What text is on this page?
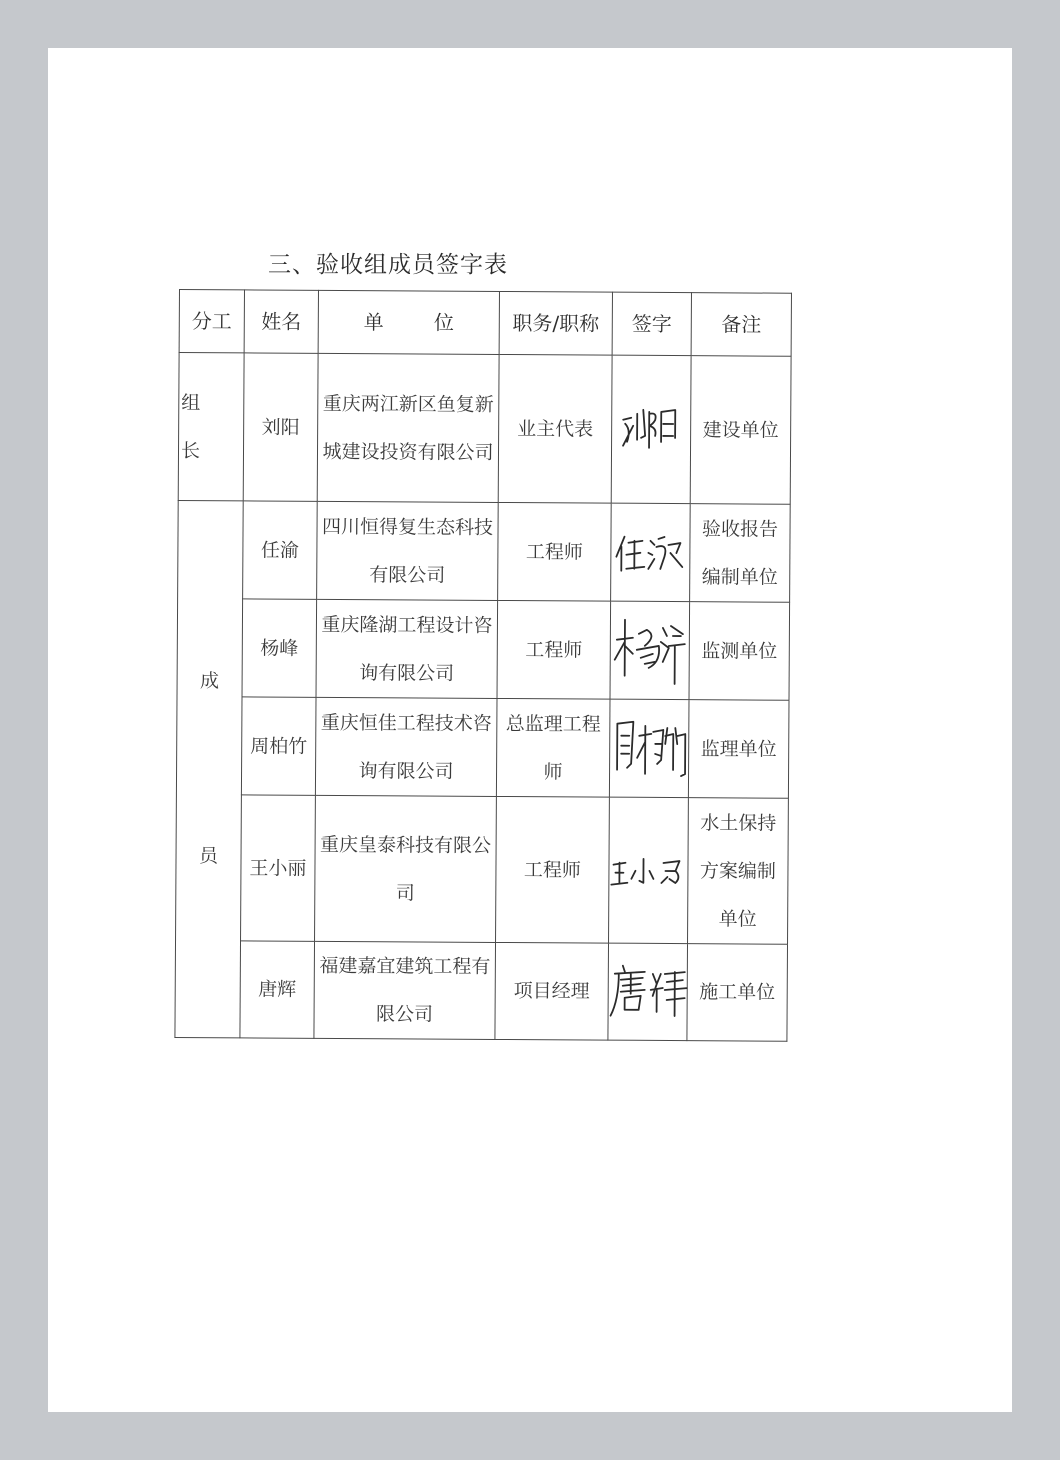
三、验收组成员签字表
分工	姓名	单 位	职务/职称	签字	备注
组 长	刘阳	重庆两江新区鱼复新城建设投资有限公司	业主代表		建设单位

成
员	任渝	四川恒得复生态科技有限公司	工程师		验收报告编制单位
	杨峰	重庆隆湖工程设计咨询有限公司	工程师		监测单位
	周柏竹	重庆恒佳工程技术咨询有限公司	总监理工程师		监理单位
	王小丽	重庆皇泰科技有限公司	工程师		水土保持方案编制单位
	唐辉	福建嘉宜建筑工程有限公司	项目经理		施工单位
